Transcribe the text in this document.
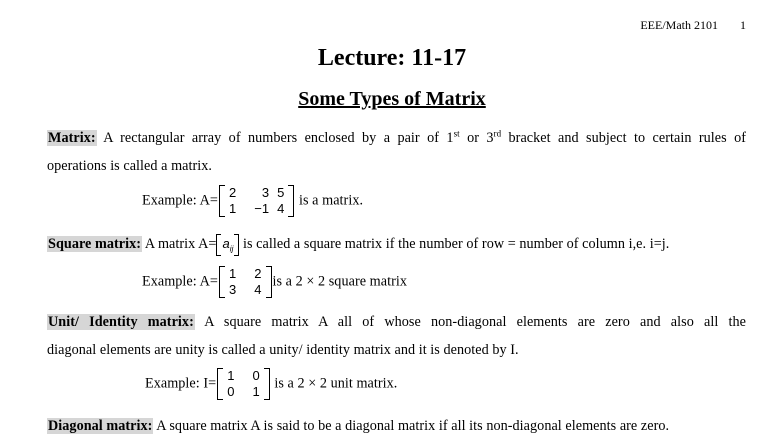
EEE/Math 2101 1
Lecture: 11-17
Some Types of Matrix
Matrix: A rectangular array of numbers enclosed by a pair of 1st or 3rd bracket and subject to certain rules of
operations is called a matrix.
Example: A= 2	3	5
1	−1	4
is a matrix.
Square matrix: A matrix $A= a_{ij}$ is called a square matrix if the number of row = number of column i,e. i=j.
Example: A= 1	2
3	4
is a 2 × 2 square matrix
Unit/ Identity matrix: A square matrix A all of whose non-diagonal elements are zero and also all the
diagonal elements are unity is called a unity/ identity matrix and it is denoted by I.
Example: I= 1	0
0	1
is a 2 × 2 unit matrix.
Diagonal matrix: A square matrix A is said to be a diagonal matrix if all its non-diagonal elements are zero.
